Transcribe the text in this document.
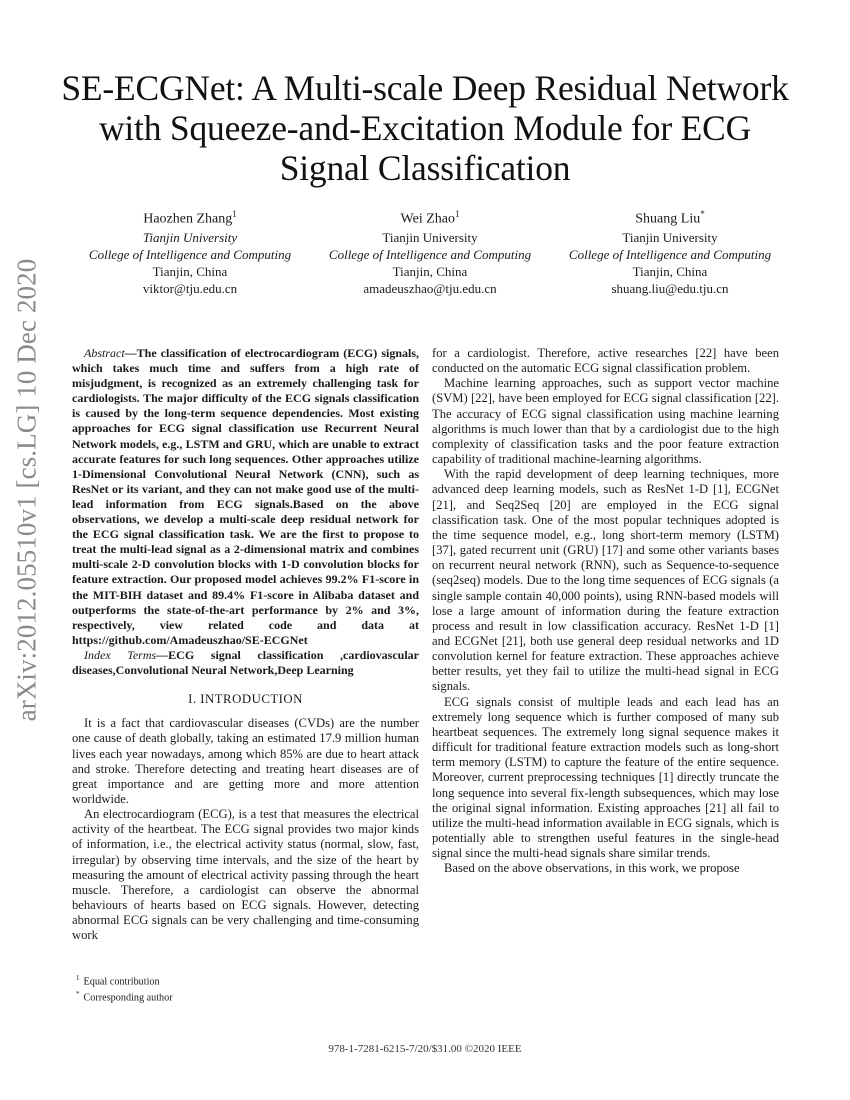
SE-ECGNet: A Multi-scale Deep Residual Network
with Squeeze-and-Excitation Module for ECG
Signal Classification
Haozhen Zhang$^1$
Tianjin University
College of Intelligence and Computing
Tianjin, China
viktor@tju.edu.cn
Wei Zhao$^1$
Tianjin University
College of Intelligence and Computing
Tianjin, China
amadeuszhao@tju.edu.cn
Shuang Liu*
Tianjin University
College of Intelligence and Computing
Tianjin, China
shuang.liu@edu.tju.cn
arXiv:2012.05510v1 [cs.LG] 10 Dec 2020	Abstract—The classification of electrocardiogram (ECG) signals, which takes much time and suffers from a high rate of misjudgment, is recognized as an extremely challenging task for cardiologists. The major difficulty of the ECG signals classification is caused by the long-term sequence dependencies. Most existing approaches for ECG signal classification use Recurrent Neural Network models, e.g., LSTM and GRU, which are unable to extract accurate features for such long sequences. Other approaches utilize 1-Dimensional Convolutional Neural Network (CNN), such as ResNet or its variant, and they can not make good use of the multi-lead information from ECG signals.Based on the above observations, we develop a multi-scale deep residual network for the ECG signal classification task. We are the first to propose to treat the multi-lead signal as a 2-dimensional matrix and combines multi-scale 2-D convolution blocks with 1-D convolution blocks for feature extraction. Our proposed model achieves 99.2% F1-score in the MIT-BIH dataset and 89.4% F1-score in Alibaba dataset and outperforms the state-of-the-art performance by 2% and 3%, respectively, view related code and data at https://github.com/Amadeuszhao/SE-ECGNet

Index Terms—ECG signal classification ,cardiovascular diseases,Convolutional Neural Network,Deep Learning

I. INTRODUCTION

It is a fact that cardiovascular diseases (CVDs) are the number one cause of death globally, taking an estimated 17.9 million human lives each year nowadays, among which 85% are due to heart attack and stroke. Therefore detecting and treating heart diseases are of great importance and are getting more and more attention worldwide.

An electrocardiogram (ECG), is a test that measures the electrical activity of the heartbeat. The ECG signal provides two major kinds of information, i.e., the electrical activity status (normal, slow, fast, irregular) by observing time intervals, and the size of the heart by measuring the amount of electrical activity passing through the heart muscle. Therefore, a cardiologist can observe the abnormal behaviours of hearts based on ECG signals. However, detecting abnormal ECG signals can be very challenging and time-consuming work

for a cardiologist. Therefore, active researches [22] have been conducted on the automatic ECG signal classification problem.

Machine learning approaches, such as support vector machine (SVM) [22], have been employed for ECG signal classification [22]. The accuracy of ECG signal classification using machine learning algorithms is much lower than that by a cardiologist due to the high complexity of classification tasks and the poor feature extraction capability of traditional machine-learning algorithms.

With the rapid development of deep learning techniques, more advanced deep learning models, such as ResNet 1-D [1], ECGNet [21], and Seq2Seq [20] are employed in the ECG signal classification task. One of the most popular techniques adopted is the time sequence model, e.g., long short-term memory (LSTM) [37], gated recurrent unit (GRU) [17] and some other variants bases on recurrent neural network (RNN), such as Sequence-to-sequence (seq2seq) models. Due to the long time sequences of ECG signals (a single sample contain 40,000 points), using RNN-based models will lose a large amount of information during the feature extraction process and result in low classification accuracy. ResNet 1-D [1] and ECGNet [21], both use general deep residual networks and 1D convolution kernel for feature extraction. These approaches achieve better results, yet they fail to utilize the multi-head signal in ECG signals.

ECG signals consist of multiple leads and each lead has an extremely long sequence which is further composed of many sub heartbeat sequences. The extremely long signal sequence makes it difficult for traditional feature extraction models such as long-short term memory (LSTM) to capture the feature of the entire sequence. Moreover, current preprocessing techniques [1] directly truncate the long sequence into several fix-length subsequences, which may lose the original signal information. Existing approaches [21] all fail to utilize the multi-head information available in ECG signals, which is potentially able to strengthen useful features in the single-head signal since the multi-head signals share similar trends.

Based on the above observations, in this work, we propose

$^1$ Equal contribution
* Corresponding author
978-1-7281-6215-7/20/$31.00 ©2020 IEEE
